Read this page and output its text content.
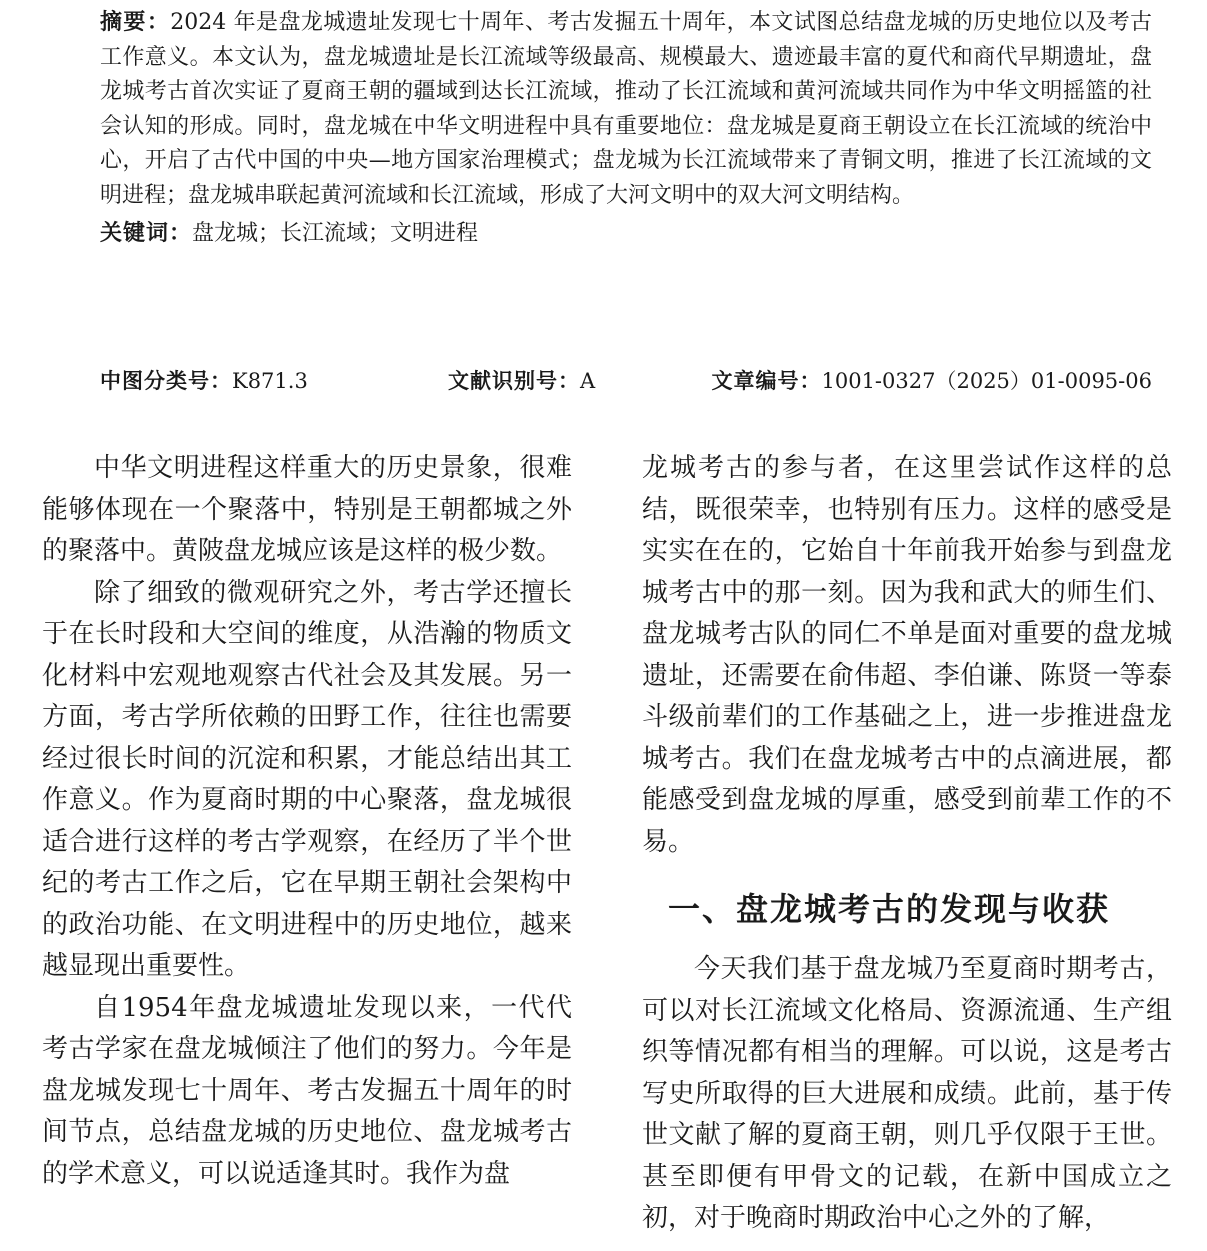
摘要：2024 年是盘龙城遗址发现七十周年、考古发掘五十周年，本文试图总结盘龙城的历史地位以及考古工作意义。本文认为，盘龙城遗址是长江流域等级最高、规模最大、遗迹最丰富的夏代和商代早期遗址，盘龙城考古首次实证了夏商王朝的疆域到达长江流域，推动了长江流域和黄河流域共同作为中华文明摇篮的社会认知的形成。同时，盘龙城在中华文明进程中具有重要地位：盘龙城是夏商王朝设立在长江流域的统治中心，开启了古代中国的中央—地方国家治理模式；盘龙城为长江流域带来了青铜文明，推进了长江流域的文明进程；盘龙城串联起黄河流域和长江流域，形成了大河文明中的双大河文明结构。

关键词：盘龙城；长江流域；文明进程

中图分类号：K871.3	文献识别号：A	文章编号：1001-0327（2025）01-0095-06

中华文明进程这样重大的历史景象，很难能够体现在一个聚落中，特别是王朝都城之外的聚落中。黄陂盘龙城应该是这样的极少数。

除了细致的微观研究之外，考古学还擅长于在长时段和大空间的维度，从浩瀚的物质文化材料中宏观地观察古代社会及其发展。另一方面，考古学所依赖的田野工作，往往也需要经过很长时间的沉淀和积累，才能总结出其工作意义。作为夏商时期的中心聚落，盘龙城很适合进行这样的考古学观察，在经历了半个世纪的考古工作之后，它在早期王朝社会架构中的政治功能、在文明进程中的历史地位，越来越显现出重要性。

自1954年盘龙城遗址发现以来，一代代考古学家在盘龙城倾注了他们的努力。今年是盘龙城发现七十周年、考古发掘五十周年的时间节点，总结盘龙城的历史地位、盘龙城考古的学术意义，可以说适逢其时。我作为盘

龙城考古的参与者，在这里尝试作这样的总结，既很荣幸，也特别有压力。这样的感受是实实在在的，它始自十年前我开始参与到盘龙城考古中的那一刻。因为我和武大的师生们、盘龙城考古队的同仁不单是面对重要的盘龙城遗址，还需要在俞伟超、李伯谦、陈贤一等泰斗级前辈们的工作基础之上，进一步推进盘龙城考古。我们在盘龙城考古中的点滴进展，都能感受到盘龙城的厚重，感受到前辈工作的不易。

一、盘龙城考古的发现与收获

今天我们基于盘龙城乃至夏商时期考古，可以对长江流域文化格局、资源流通、生产组织等情况都有相当的理解。可以说，这是考古写史所取得的巨大进展和成绩。此前，基于传世文献了解的夏商王朝，则几乎仅限于王世。甚至即便有甲骨文的记载，在新中国成立之初，对于晚商时期政治中心之外的了解，
